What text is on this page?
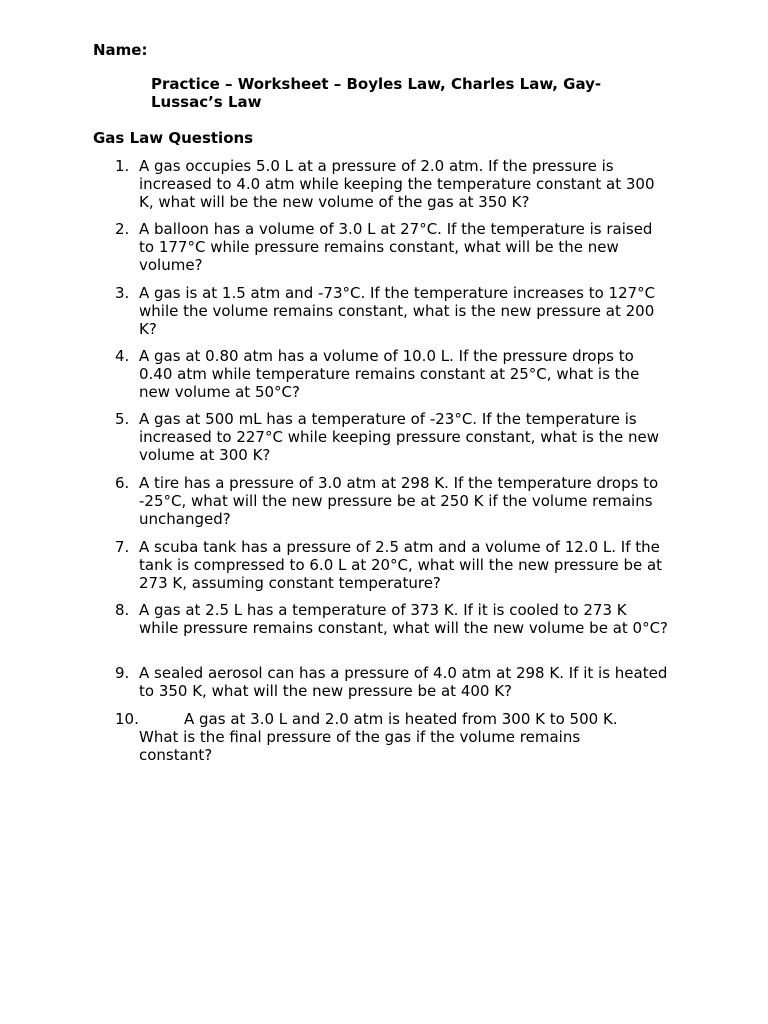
Name:
Practice – Worksheet – Boyles Law, Charles Law, Gay-Lussac’s Law
Gas Law Questions
1. A gas occupies 5.0 L at a pressure of 2.0 atm. If the pressure is increased to 4.0 atm while keeping the temperature constant at 300 K, what will be the new volume of the gas at 350 K?
2. A balloon has a volume of 3.0 L at 27°C. If the temperature is raised to 177°C while pressure remains constant, what will be the new volume?
3. A gas is at 1.5 atm and -73°C. If the temperature increases to 127°C while the volume remains constant, what is the new pressure at 200 K?
4. A gas at 0.80 atm has a volume of 10.0 L. If the pressure drops to 0.40 atm while temperature remains constant at 25°C, what is the new volume at 50°C?
5. A gas at 500 mL has a temperature of -23°C. If the temperature is increased to 227°C while keeping pressure constant, what is the new volume at 300 K?
6. A tire has a pressure of 3.0 atm at 298 K. If the temperature drops to -25°C, what will the new pressure be at 250 K if the volume remains unchanged?
7. A scuba tank has a pressure of 2.5 atm and a volume of 12.0 L. If the tank is compressed to 6.0 L at 20°C, what will the new pressure be at 273 K, assuming constant temperature?
8. A gas at 2.5 L has a temperature of 373 K. If it is cooled to 273 K while pressure remains constant, what will the new volume be at 0°C?
9. A sealed aerosol can has a pressure of 4.0 atm at 298 K. If it is heated to 350 K, what will the new pressure be at 400 K?
10.	A gas at 3.0 L and 2.0 atm is heated from 300 K to 500 K. What is the final pressure of the gas if the volume remains constant?
